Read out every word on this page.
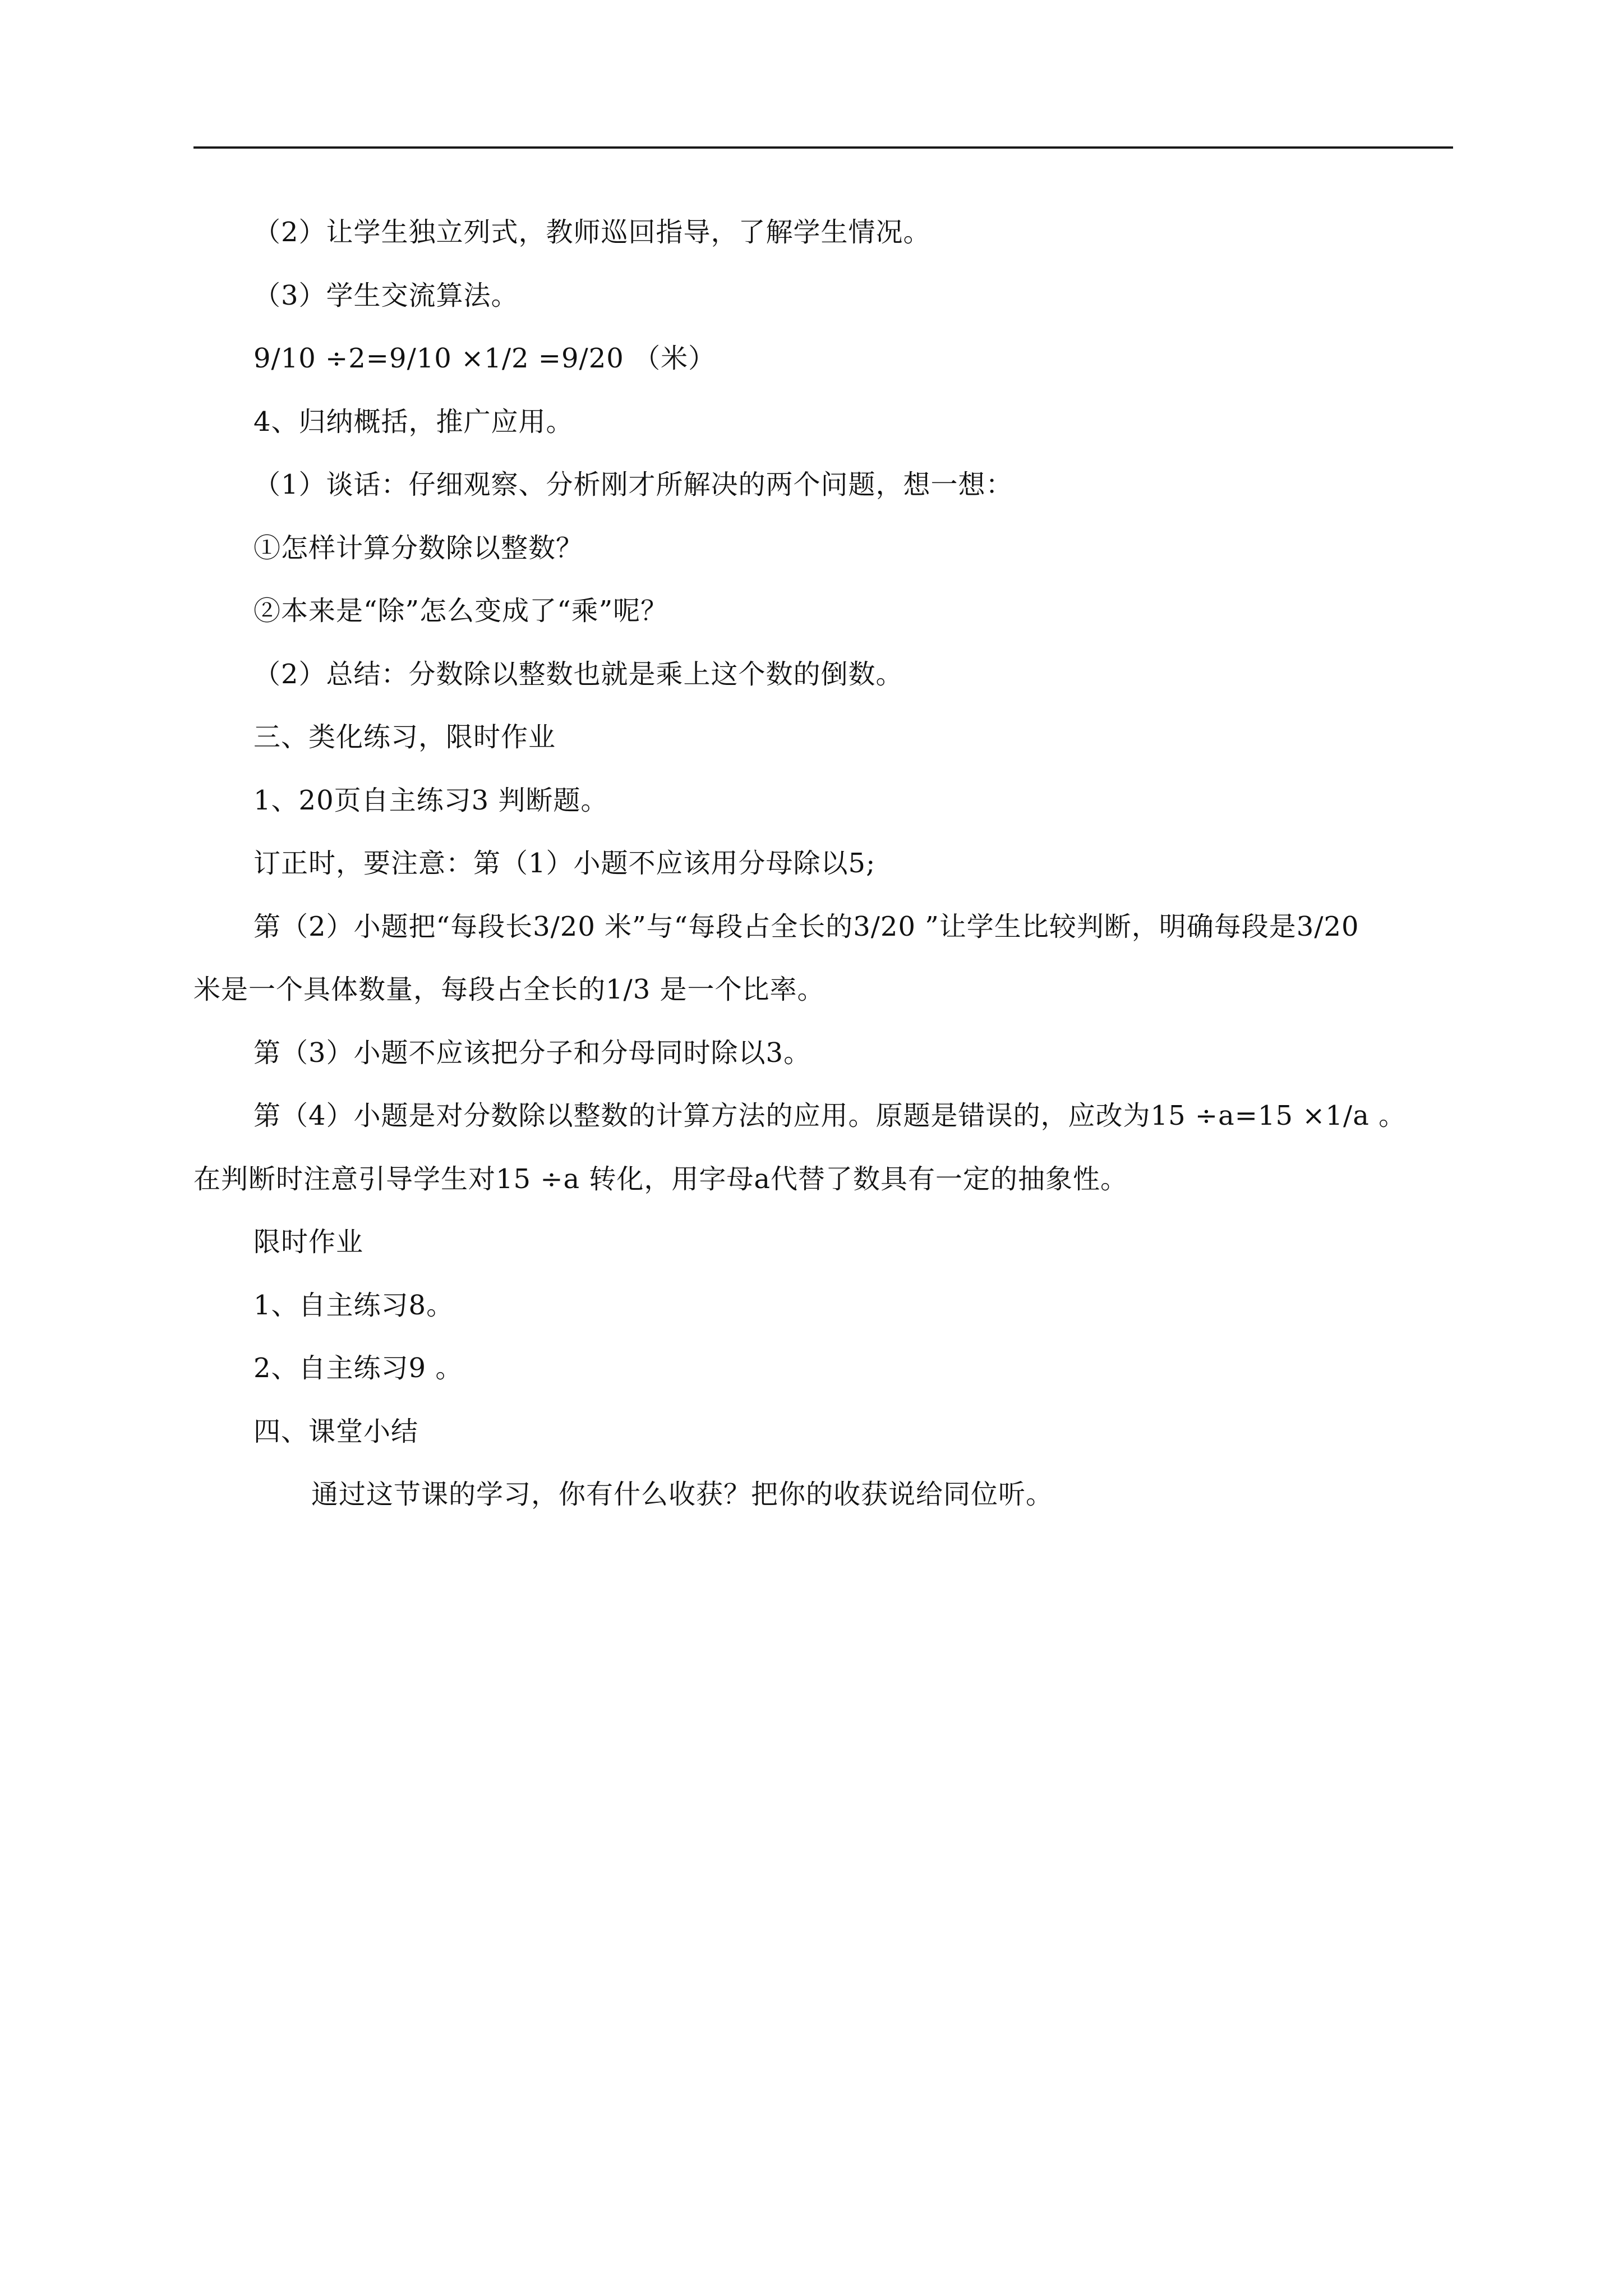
（2）让学生独立列式，教师巡回指导，了解学生情况。
（3）学生交流算法。
9/10 ÷2=9/10 ×1/2 =9/20 （米）
4、归纳概括，推广应用。
（1）谈话：仔细观察、分析刚才所解决的两个问题，想一想：
①怎样计算分数除以整数？
②本来是“除”怎么变成了“乘”呢？
（2）总结：分数除以整数也就是乘上这个数的倒数。
三、类化练习，限时作业
1、20页自主练习3 判断题。
订正时，要注意：第（1）小题不应该用分母除以5;
第（2）小题把“每段长3/20 米”与“每段占全长的3/20 ”让学生比较判断，明确每段是3/20
米是一个具体数量，每段占全长的1/3 是一个比率。
第（3）小题不应该把分子和分母同时除以3。
第（4）小题是对分数除以整数的计算方法的应用。原题是错误的，应改为15 ÷a=15 ×1/a 。
在判断时注意引导学生对15 ÷a 转化，用字母a代替了数具有一定的抽象性。
限时作业
1、自主练习8。
2、自主练习9 。
四、课堂小结
通过这节课的学习，你有什么收获？把你的收获说给同位听。
